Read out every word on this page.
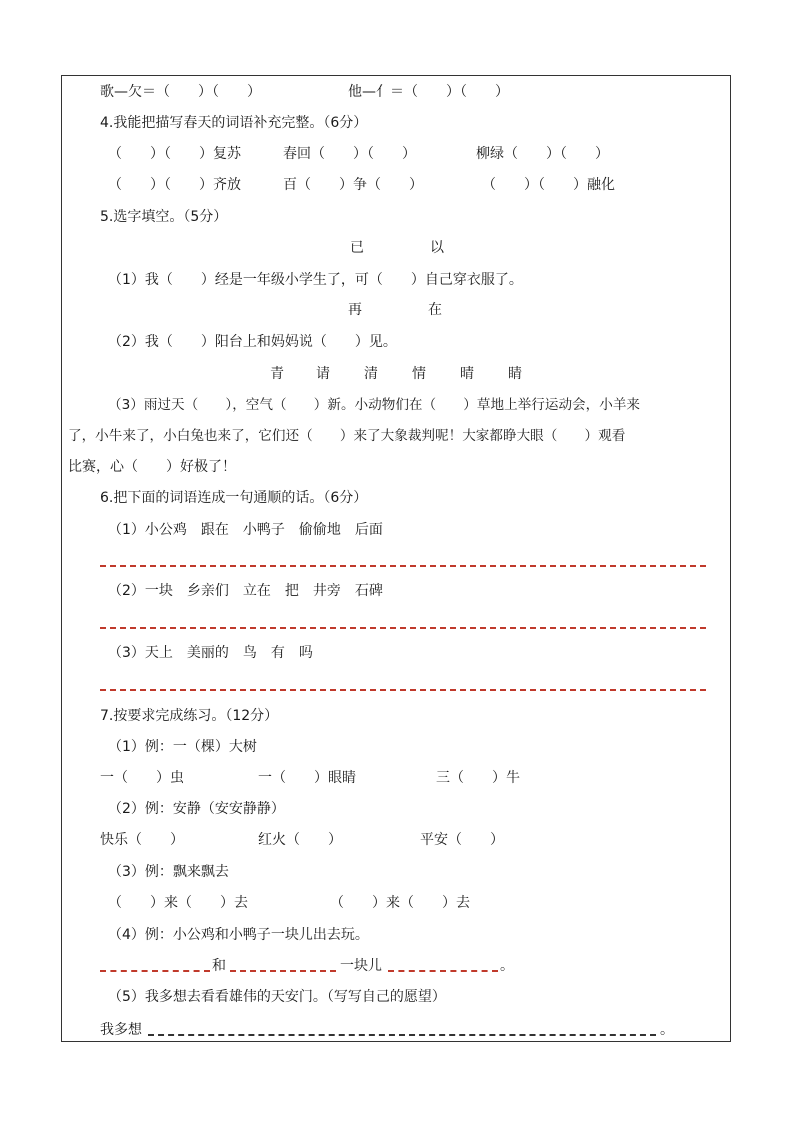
歌—欠＝（　　）（　　）	他—亻＝（　　）（　　）
4.我能把描写春天的词语补充完整。（6分）
（　　）（　　）复苏	春回（　　）（　　）	柳绿（　　）（　　）
（　　）（　　）齐放	百（　　）争（　　）	（　　）（　　）融化
5.选字填空。（5分）
已	以
（1）我（　　）经是一年级小学生了，可（　　）自己穿衣服了。
再	在
（2）我（　　）阳台上和妈妈说（　　）见。
青 请 清 情 晴 睛
（3）雨过天（　　），空气（　　）新。小动物们在（　　）草地上举行运动会，小羊来
了，小牛来了，小白兔也来了，它们还（　　）来了大象裁判呢！大家都睁大眼（　　）观看
比赛，心（　　）好极了！
6.把下面的词语连成一句通顺的话。（6分）
（1）小公鸡　跟在　小鸭子　偷偷地　后面
（2）一块　乡亲们　立在　把　井旁　石碑
（3）天上　美丽的　鸟　有　吗
7.按要求完成练习。（12分）
（1）例：一（棵）大树
一（　　）虫	一（　　）眼睛	三（　　）牛
（2）例：安静（安安静静）
快乐（　　）	红火（　　）	平安（　　）
（3）例：飘来飘去
（　　）来（　　）去	（　　）来（　　）去
（4）例：小公鸡和小鸭子一块儿出去玩。
和	一块儿	。
（5）我多想去看看雄伟的天安门。（写写自己的愿望）
我多想	。
